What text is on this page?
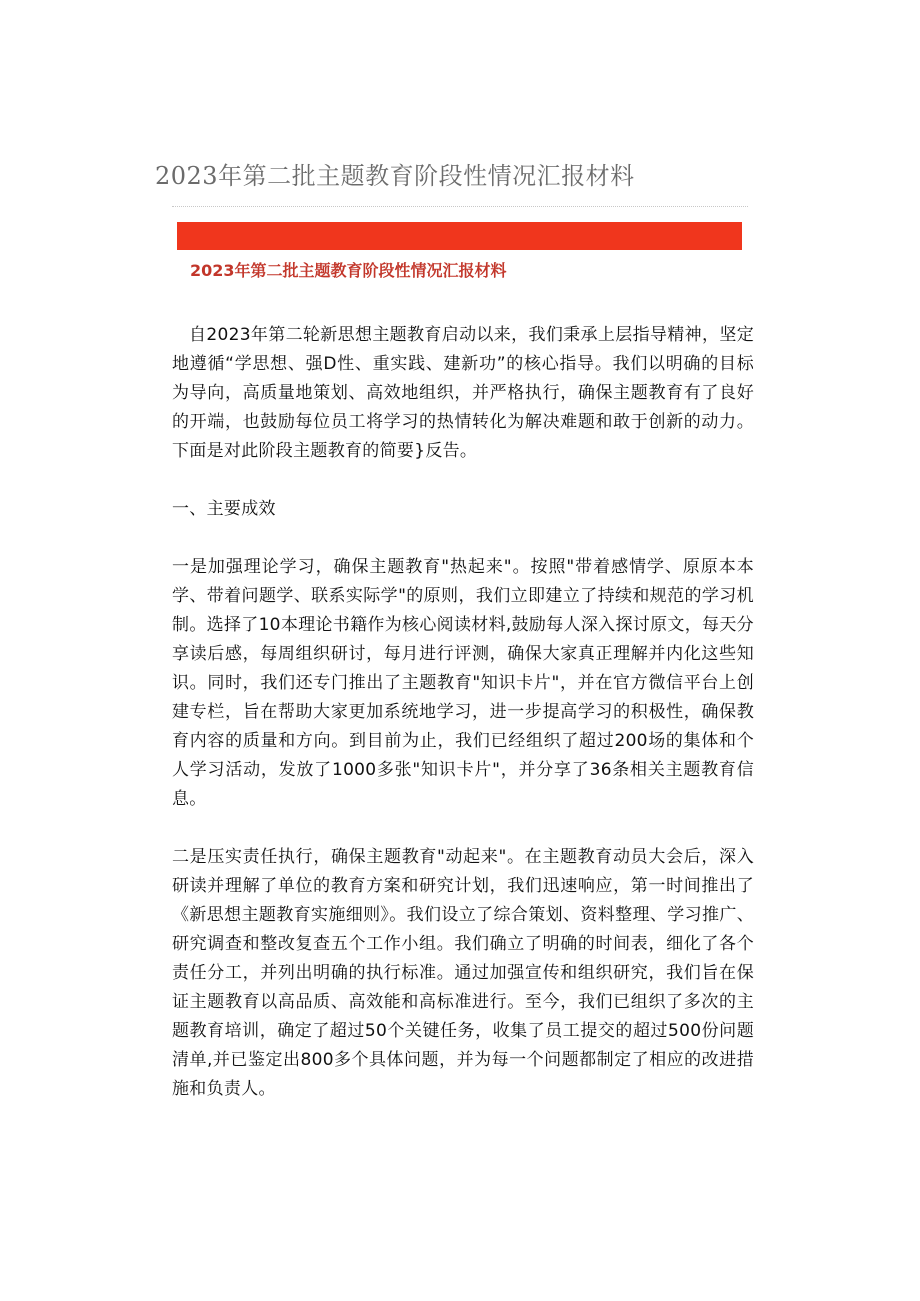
2023年第二批主题教育阶段性情况汇报材料
2023年第二批主题教育阶段性情况汇报材料

自2023年第二轮新思想主题教育启动以来，我们秉承上层指导精神，坚定地遵循“学思想、强D性、重实践、建新功”的核心指导。我们以明确的目标为导向，高质量地策划、高效地组织，并严格执行，确保主题教育有了良好的开端，也鼓励每位员工将学习的热情转化为解决难题和敢于创新的动力。下面是对此阶段主题教育的简要}反告。

一、主要成效

一是加强理论学习，确保主题教育"热起来"。按照"带着感情学、原原本本学、带着问题学、联系实际学"的原则，我们立即建立了持续和规范的学习机制。选择了10本理论书籍作为核心阅读材料,鼓励每人深入探讨原文，每天分享读后感，每周组织研讨，每月进行评测，确保大家真正理解并内化这些知识。同时，我们还专门推出了主题教育"知识卡片"，并在官方微信平台上创建专栏，旨在帮助大家更加系统地学习，进一步提高学习的积极性，确保教育内容的质量和方向。到目前为止，我们已经组织了超过200场的集体和个人学习活动，发放了1000多张"知识卡片"，并分享了36条相关主题教育信息。

二是压实责任执行，确保主题教育"动起来"。在主题教育动员大会后，深入研读并理解了单位的教育方案和研究计划，我们迅速响应，第一时间推出了《新思想主题教育实施细则》。我们设立了综合策划、资料整理、学习推广、研究调查和整改复查五个工作小组。我们确立了明确的时间表，细化了各个责任分工，并列出明确的执行标准。通过加强宣传和组织研究，我们旨在保证主题教育以高品质、高效能和高标准进行。至今，我们已组织了多次的主题教育培训，确定了超过50个关键任务，收集了员工提交的超过500份问题清单,并已鉴定出800多个具体问题，并为每一个问题都制定了相应的改进措施和负责人。
